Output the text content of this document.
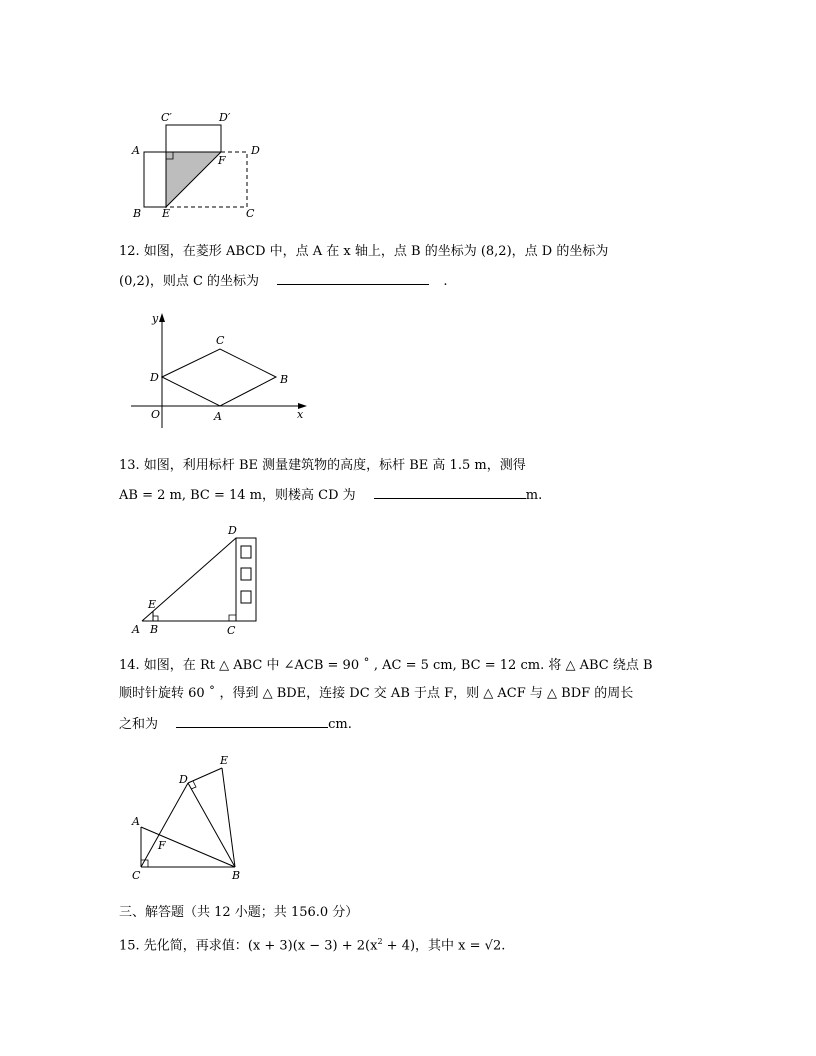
C′	D′
A	D
F
B E	C
12. 如图，在菱形 ABCD 中，点 A 在 x 轴上，点 B 的坐标为 (8,2)，点 D 的坐标为
(0,2)，则点 C 的坐标为	.
y
x
O	A
B
C
D
13. 如图，利用标杆 BE 测量建筑物的高度，标杆 BE 高 1.5 m，测得
AB = 2 m, BC = 14 m，则楼高 CD 为	m.
A B	C
D
E
14. 如图，在 Rt △ ABC 中 ∠ACB = 90 ˚ , AC = 5 cm, BC = 12 cm. 将 △ ABC 绕点 B
顺时针旋转 60 ˚ ，得到 △ BDE，连接 DC 交 AB 于点 F，则 △ ACF 与 △ BDF 的周长
之和为	cm.
A
B
C
D
E
F
三、解答题（共 12 小题；共 156.0 分）
15. 先化简，再求值：$(x + 3)(x - 3) + 2(x^2 + 4)$，其中 x = √2.
